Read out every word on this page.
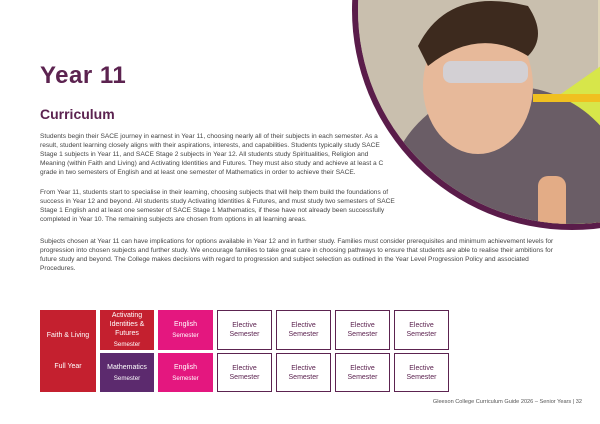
Year 11
Curriculum

Students begin their SACE journey in earnest in Year 11, choosing nearly all of their subjects in each semester. As a result, student learning closely aligns with their aspirations, interests, and capabilities. Students typically study SACE Stage 1 subjects in Year 11, and SACE Stage 2 subjects in Year 12. All students study Spiritualities, Religion and Meaning (within Faith and Living) and Activating Identities and Futures. They must also study and achieve at least a C grade in two semesters of English and at least one semester of Mathematics in order to achieve their SACE.

From Year 11, students start to specialise in their learning, choosing subjects that will help them build the foundations of success in Year 12 and beyond. All students study Activating Identities & Futures, and must study two semesters of SACE Stage 1 English and at least one semester of SACE Stage 1 Mathematics, if these have not already been successfully completed in Year 10. The remaining subjects are chosen from options in all learning areas.

Subjects chosen at Year 11 can have implications for options available in Year 12 and in further study. Families must consider prerequisites and minimum achievement levels for progression into chosen subjects and further study. We encourage families to take great care in choosing pathways to ensure that students are able to realise their ambitions for future study and beyond. The College makes decisions with regard to progression and subject selection as outlined in the Year Level Progression Policy and associated Procedures.

Faith & Living
Full Year
Activating Identities & Futures
Semester
English
Semester
Mathematics
Semester
English
Semester
Elective
Semester
Elective
Semester
Elective
Semester
Elective
Semester
Elective
Semester
Elective
Semester
Elective
Semester
Elective
Semester
Gleeson College Curriculum Guide 2026 – Senior Years | 32
